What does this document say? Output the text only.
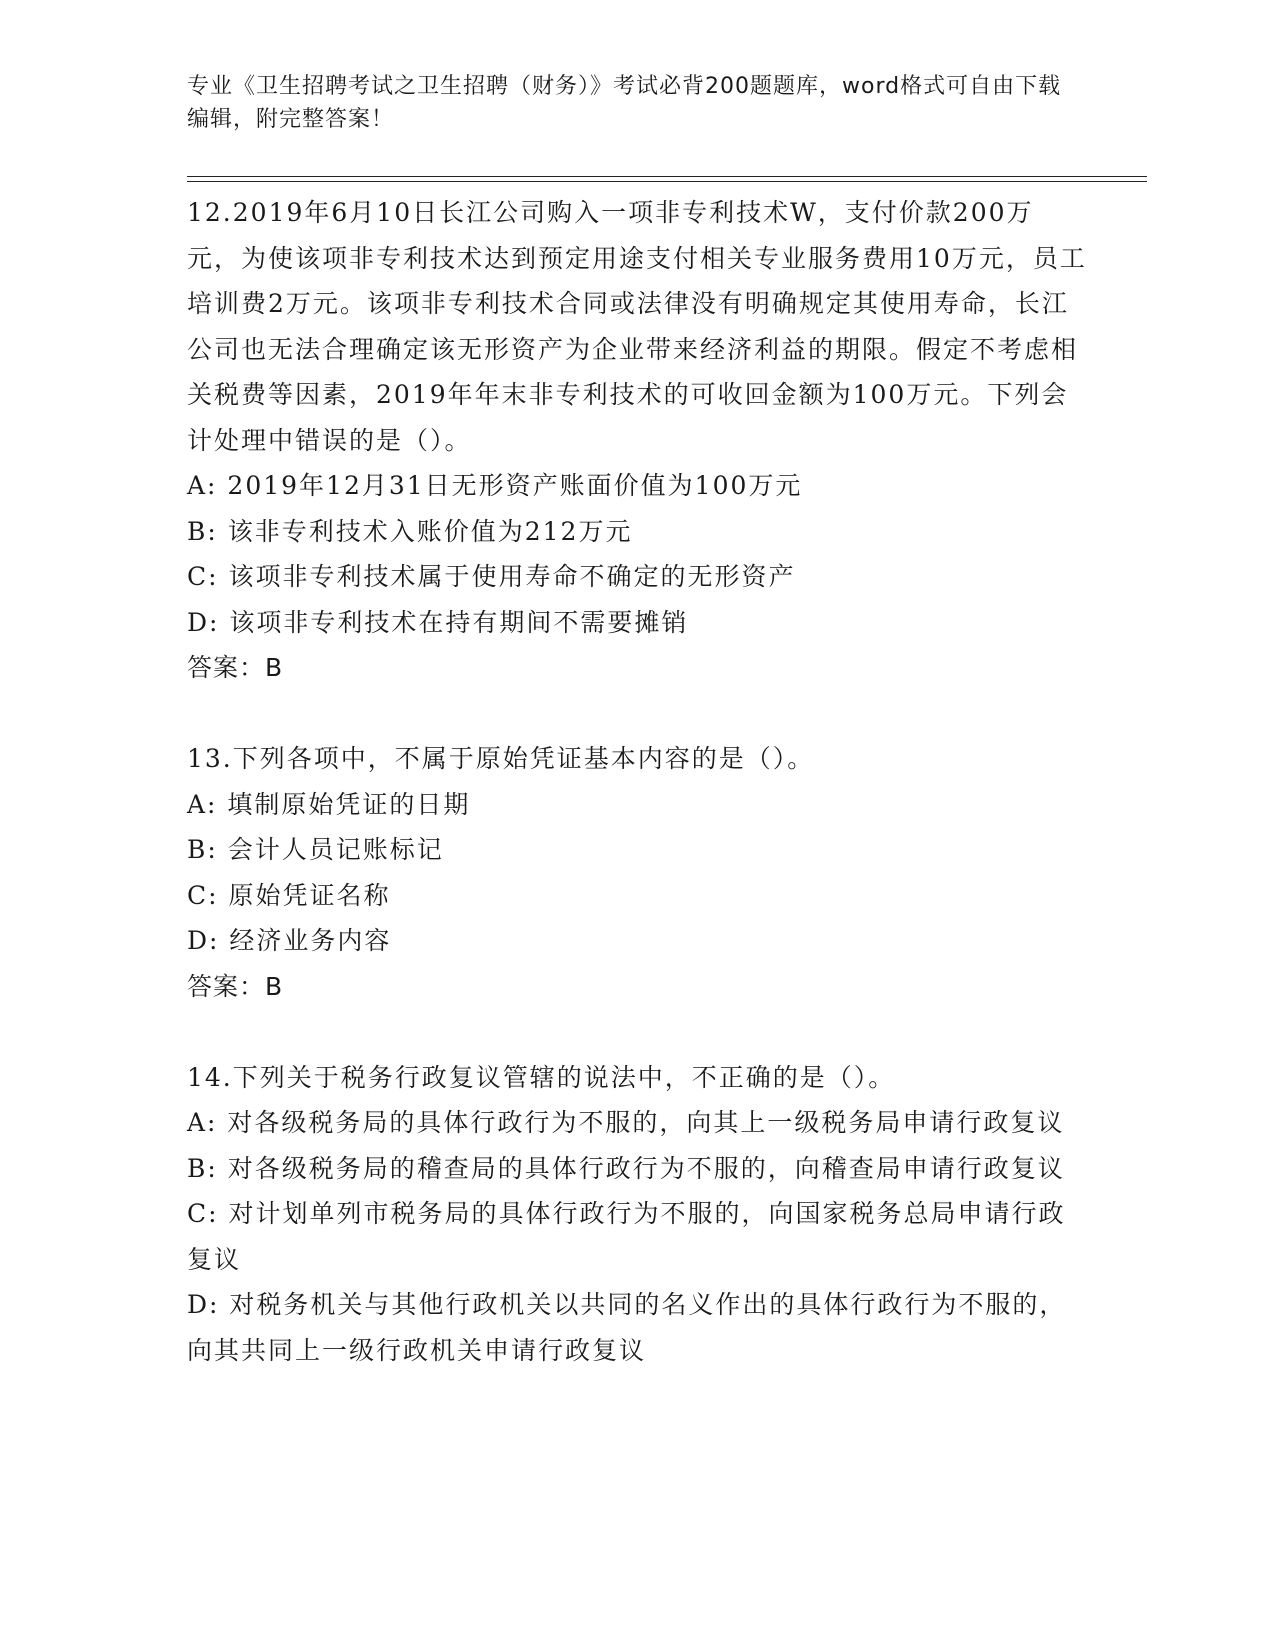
专业《卫生招聘考试之卫生招聘（财务）》考试必背200题题库，word格式可自由下载编辑，附完整答案！

12.2019年6月10日长江公司购入一项非专利技术W，支付价款200万元，为使该项非专利技术达到预定用途支付相关专业服务费用10万元，员工培训费2万元。该项非专利技术合同或法律没有明确规定其使用寿命，长江公司也无法合理确定该无形资产为企业带来经济利益的期限。假定不考虑相关税费等因素，2019年年末非专利技术的可收回金额为100万元。下列会计处理中错误的是（）。

A: 2019年12月31日无形资产账面价值为100万元

B: 该非专利技术入账价值为212万元

C: 该项非专利技术属于使用寿命不确定的无形资产

D: 该项非专利技术在持有期间不需要摊销

答案：B

13.下列各项中，不属于原始凭证基本内容的是（）。

A: 填制原始凭证的日期

B: 会计人员记账标记

C: 原始凭证名称

D: 经济业务内容

答案：B

14.下列关于税务行政复议管辖的说法中，不正确的是（）。

A: 对各级税务局的具体行政行为不服的，向其上一级税务局申请行政复议

B: 对各级税务局的稽查局的具体行政行为不服的，向稽查局申请行政复议

C: 对计划单列市税务局的具体行政行为不服的，向国家税务总局申请行政复议

D: 对税务机关与其他行政机关以共同的名义作出的具体行政行为不服的，向其共同上一级行政机关申请行政复议
